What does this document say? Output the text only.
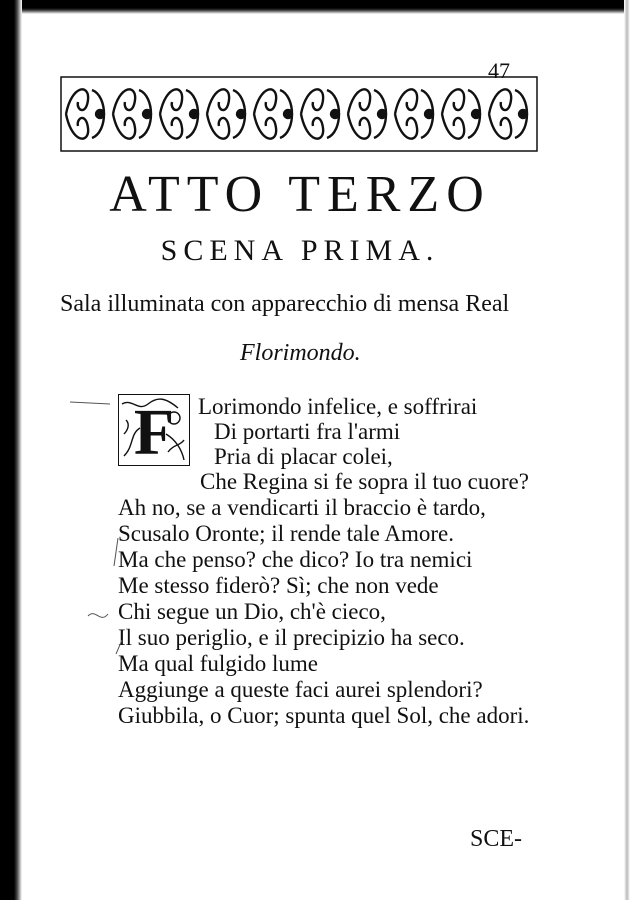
47
ATTO TERZO
SCENA PRIMA.
Sala illuminata con apparecchio di mensa Real
Florimondo.
F Lorimondo infelice, e soffrirai
Di portarti fra l'armi
Pria di placar colei,
Che Regina si fe sopra il tuo cuore?
Ah no, se a vendicarti il braccio è tardo,
Scusalo Oronte; il rende tale Amore.
Ma che penso? che dico? Io tra nemici
Me stesso fiderò? Sì; che non vede
Chi segue un Dio, ch'è cieco,
Il suo periglio, e il precipizio ha seco.
Ma qual fulgido lume
Aggiunge a queste faci aurei splendori?
Giubbila, o Cuor; spunta quel Sol, che adori.
SCE-
